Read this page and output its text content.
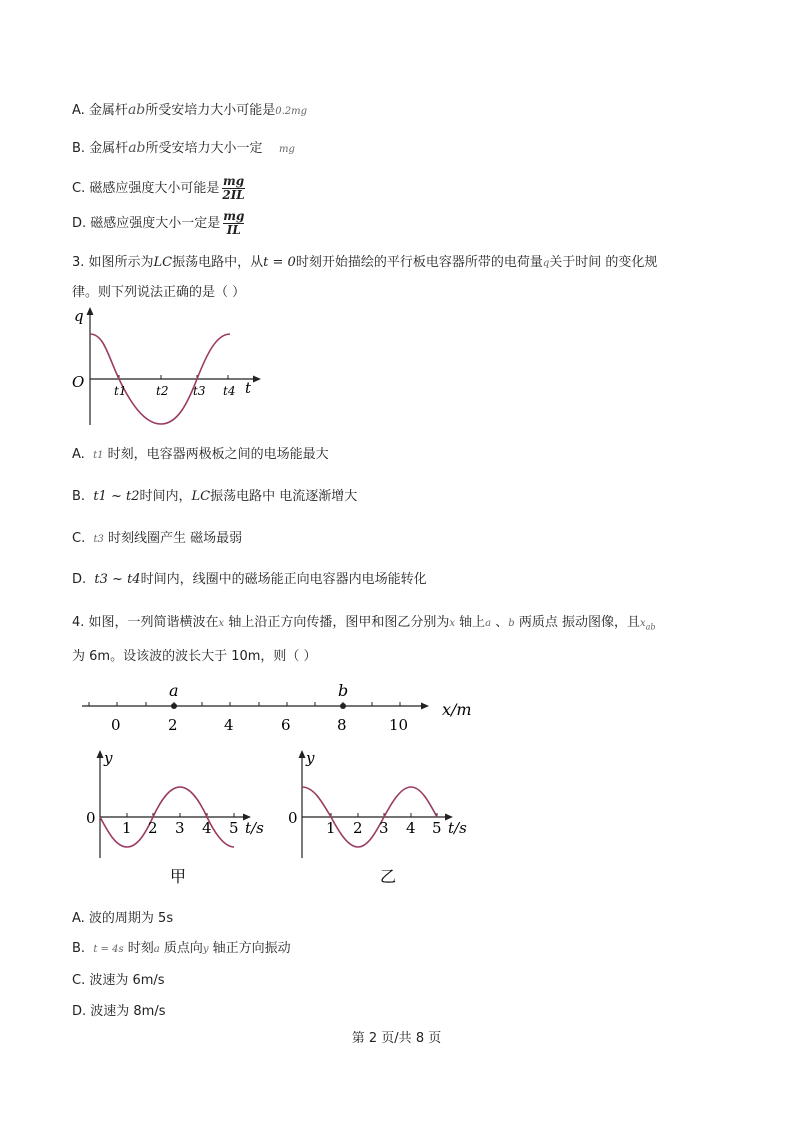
A. 金属杆ab所受安培力大小可能是0.2mg
B. 金属杆ab所受安培力大小一定 mg
C. 磁感应强度大小可能是 $\frac{mg}{2IL}$
D. 磁感应强度大小一定是 $\frac{mg}{IL}$
3. 如图所示为LC振荡电路中，从t = 0时刻开始描绘的平行板电容器所带的电荷量q关于时间 的变化规
律。则下列说法正确的是（ ）
q
O	t
t1 t2 t3 t4
A. t1 时刻，电容器两极板之间的电场能最大
B. t1 ~ t2时间内，LC振荡电路中 电流逐渐增大
C. t3 时刻线圈产生 磁场最弱
D. t3 ~ t4时间内，线圈中的磁场能正向电容器内电场能转化
4. 如图，一列简谐横波在x 轴上沿正方向传播，图甲和图乙分别为x 轴上a 、b 两质点 振动图像，且$x_{ab}$
为 6m。设该波的波长大于 10m，则（ ）
a	b
0	2	4	6	8	10
x/m
y
0
1 2 3 4 5 t/s
甲
y
0
1 2 3 4 5 t/s
乙
A. 波的周期为 5s
B. t = 4s 时刻a 质点向y 轴正方向振动
C. 波速为 6m/s
D. 波速为 8m/s
第 2 页/共 8 页
